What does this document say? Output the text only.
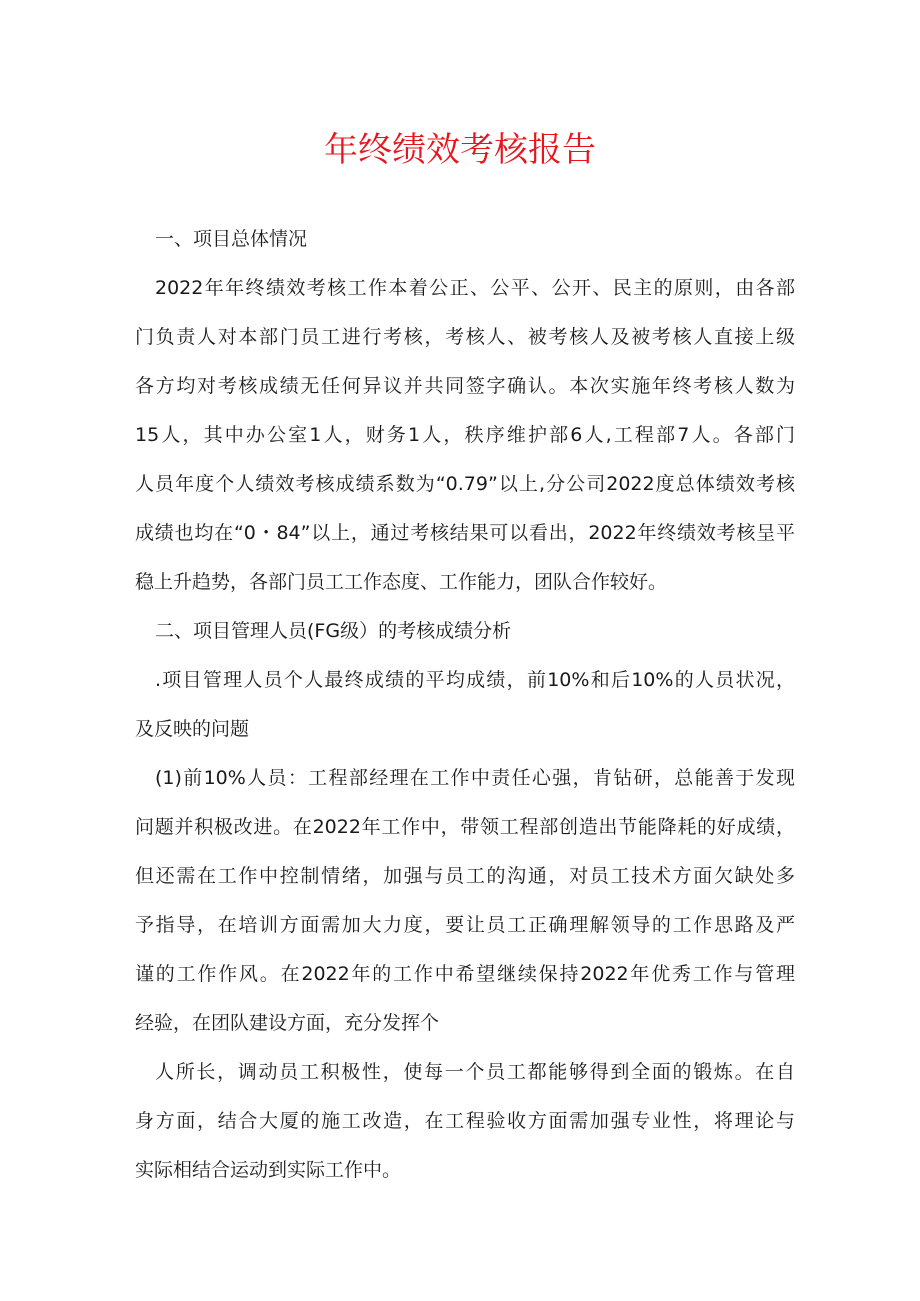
年终绩效考核报告
一、项目总体情况
2022年年终绩效考核工作本着公正、公平、公开、民主的原则，由各部
门负责人对本部门员工进行考核，考核人、被考核人及被考核人直接上级
各方均对考核成绩无任何异议并共同签字确认。本次实施年终考核人数为
15人，其中办公室1人，财务1人，秩序维护部6人,工程部7人。各部门
人员年度个人绩效考核成绩系数为“0.79”以上,分公司2022度总体绩效考核
成绩也均在“0・84”以上，通过考核结果可以看出，2022年终绩效考核呈平
稳上升趋势，各部门员工工作态度、工作能力，团队合作较好。
二、项目管理人员(FG级）的考核成绩分析
.项目管理人员个人最终成绩的平均成绩，前10%和后10%的人员状况，
及反映的问题
(1)前10%人员：工程部经理在工作中责任心强，肯钻研，总能善于发现
问题并积极改进。在2022年工作中，带领工程部创造出节能降耗的好成绩，
但还需在工作中控制情绪，加强与员工的沟通，对员工技术方面欠缺处多
予指导，在培训方面需加大力度，要让员工正确理解领导的工作思路及严
谨的工作作风。在2022年的工作中希望继续保持2022年优秀工作与管理
经验，在团队建设方面，充分发挥个
人所长，调动员工积极性，使每一个员工都能够得到全面的锻炼。在自
身方面，结合大厦的施工改造，在工程验收方面需加强专业性，将理论与
实际相结合运动到实际工作中。
